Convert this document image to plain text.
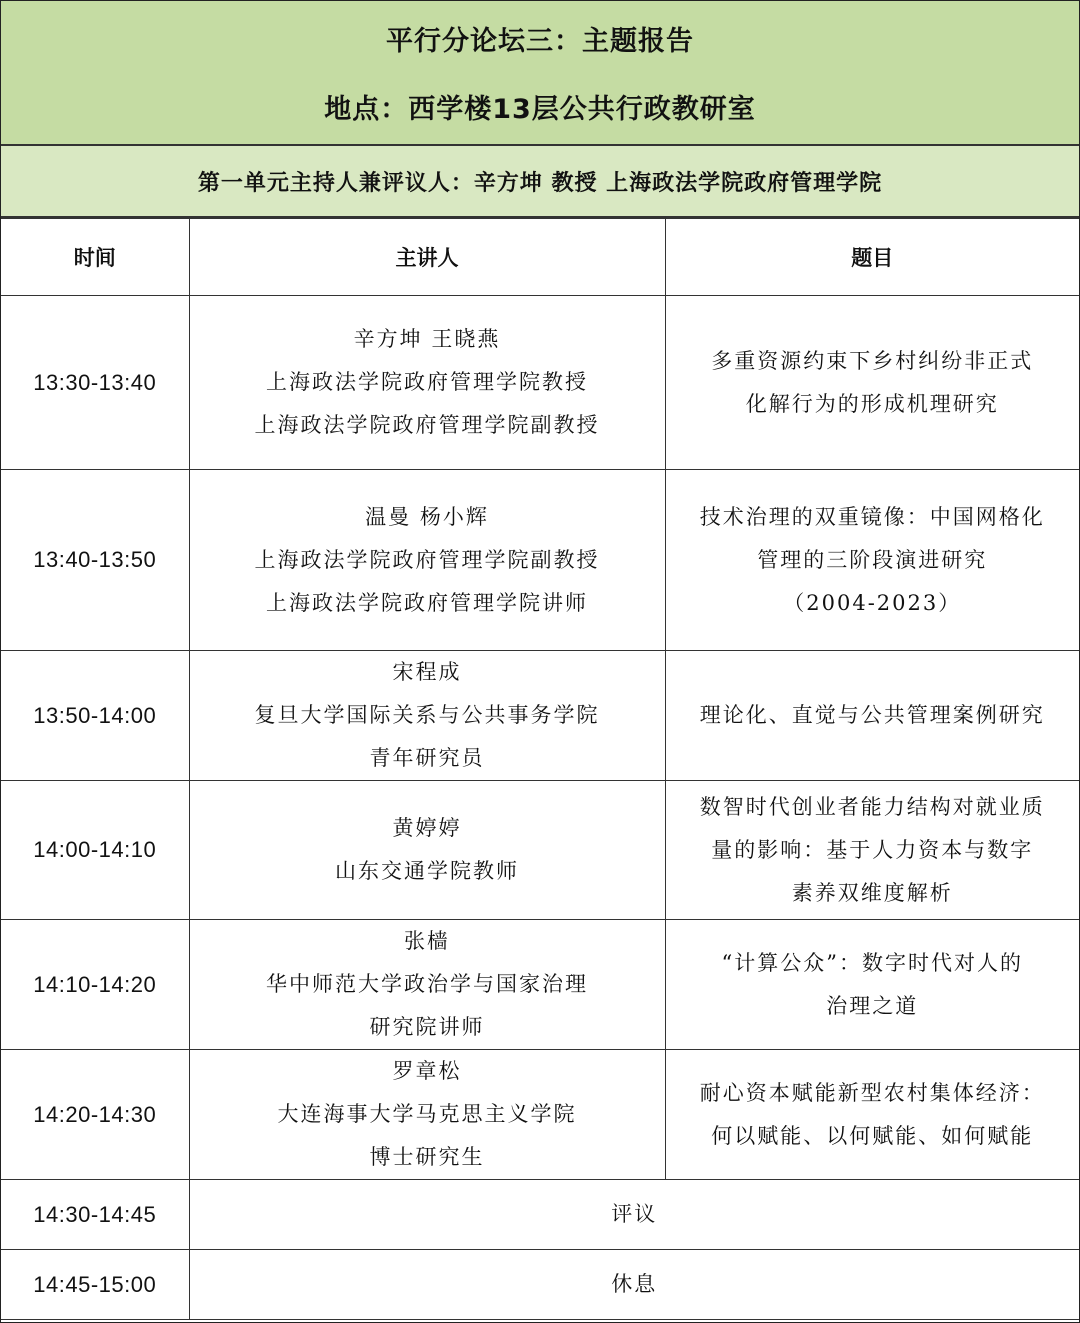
平行分论坛三：主题报告
地点：西学楼13层公共行政教研室
第一单元主持人兼评议人：辛方坤 教授 上海政法学院政府管理学院
时间	主讲人	题目
13:30-13:40	辛方坤 王晓燕
上海政法学院政府管理学院教授
上海政法学院政府管理学院副教授	多重资源约束下乡村纠纷非正式
化解行为的形成机理研究

13:40-13:50	温曼 杨小辉
上海政法学院政府管理学院副教授
上海政法学院政府管理学院讲师	技术治理的双重镜像：中国网格化
管理的三阶段演进研究
（2004-2023）

13:50-14:00	宋程成
复旦大学国际关系与公共事务学院
青年研究员	理论化、直觉与公共管理案例研究

14:00-14:10	黄婷婷
山东交通学院教师	数智时代创业者能力结构对就业质
量的影响：基于人力资本与数字
素养双维度解析

14:10-14:20	张樯
华中师范大学政治学与国家治理
研究院讲师	“计算公众”：数字时代对人的
治理之道

14:20-14:30	罗章松
大连海事大学马克思主义学院
博士研究生	耐心资本赋能新型农村集体经济：
何以赋能、以何赋能、如何赋能

14:30-14:45	评议	
14:45-15:00	休息	
